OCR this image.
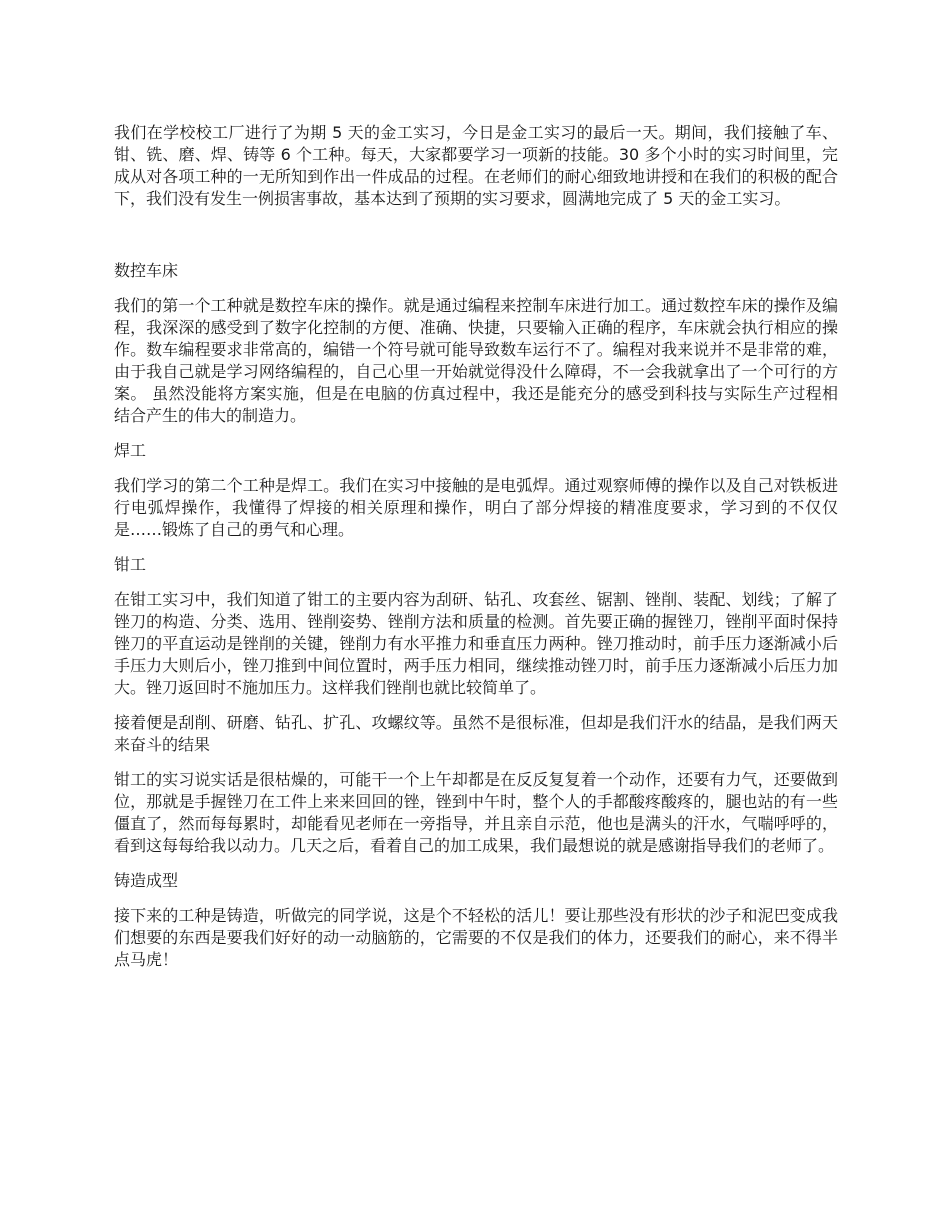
我们在学校校工厂进行了为期 5 天的金工实习，今日是金工实习的最后一天。期间，我们接触了车、钳、铣、磨、焊、铸等 6 个工种。每天，大家都要学习一项新的技能。30 多个小时的实习时间里，完成从对各项工种的一无所知到作出一件成品的过程。在老师们的耐心细致地讲授和在我们的积极的配合下，我们没有发生一例损害事故，基本达到了预期的实习要求，圆满地完成了 5 天的金工实习。

数控车床

我们的第一个工种就是数控车床的操作。就是通过编程来控制车床进行加工。通过数控车床的操作及编程，我深深的感受到了数字化控制的方便、准确、快捷，只要输入正确的程序，车床就会执行相应的操作。数车编程要求非常高的，编错一个符号就可能导致数车运行不了。编程对我来说并不是非常的难，由于我自己就是学习网络编程的，自己心里一开始就觉得没什么障碍，不一会我就拿出了一个可行的方案。 虽然没能将方案实施，但是在电脑的仿真过程中，我还是能充分的感受到科技与实际生产过程相结合产生的伟大的制造力。

焊工

我们学习的第二个工种是焊工。我们在实习中接触的是电弧焊。通过观察师傅的操作以及自己对铁板进行电弧焊操作，我懂得了焊接的相关原理和操作，明白了部分焊接的精准度要求，学习到的不仅仅是……锻炼了自己的勇气和心理。

钳工

在钳工实习中，我们知道了钳工的主要内容为刮研、钻孔、攻套丝、锯割、锉削、装配、划线；了解了锉刀的构造、分类、选用、锉削姿势、锉削方法和质量的检测。首先要正确的握锉刀，锉削平面时保持锉刀的平直运动是锉削的关键，锉削力有水平推力和垂直压力两种。锉刀推动时，前手压力逐渐减小后手压力大则后小，锉刀推到中间位置时，两手压力相同，继续推动锉刀时，前手压力逐渐减小后压力加大。锉刀返回时不施加压力。这样我们锉削也就比较简单了。

接着便是刮削、研磨、钻孔、扩孔、攻螺纹等。虽然不是很标准，但却是我们汗水的结晶，是我们两天来奋斗的结果

钳工的实习说实话是很枯燥的，可能干一个上午却都是在反反复复着一个动作，还要有力气，还要做到位，那就是手握锉刀在工件上来来回回的锉，锉到中午时，整个人的手都酸疼酸疼的，腿也站的有一些僵直了，然而每每累时，却能看见老师在一旁指导，并且亲自示范，他也是满头的汗水，气喘呼呼的，看到这每每给我以动力。几天之后，看着自己的加工成果，我们最想说的就是感谢指导我们的老师了。

铸造成型

接下来的工种是铸造，听做完的同学说，这是个不轻松的活儿！要让那些没有形状的沙子和泥巴变成我们想要的东西是要我们好好的动一动脑筋的，它需要的不仅是我们的体力，还要我们的耐心，来不得半点马虎！
